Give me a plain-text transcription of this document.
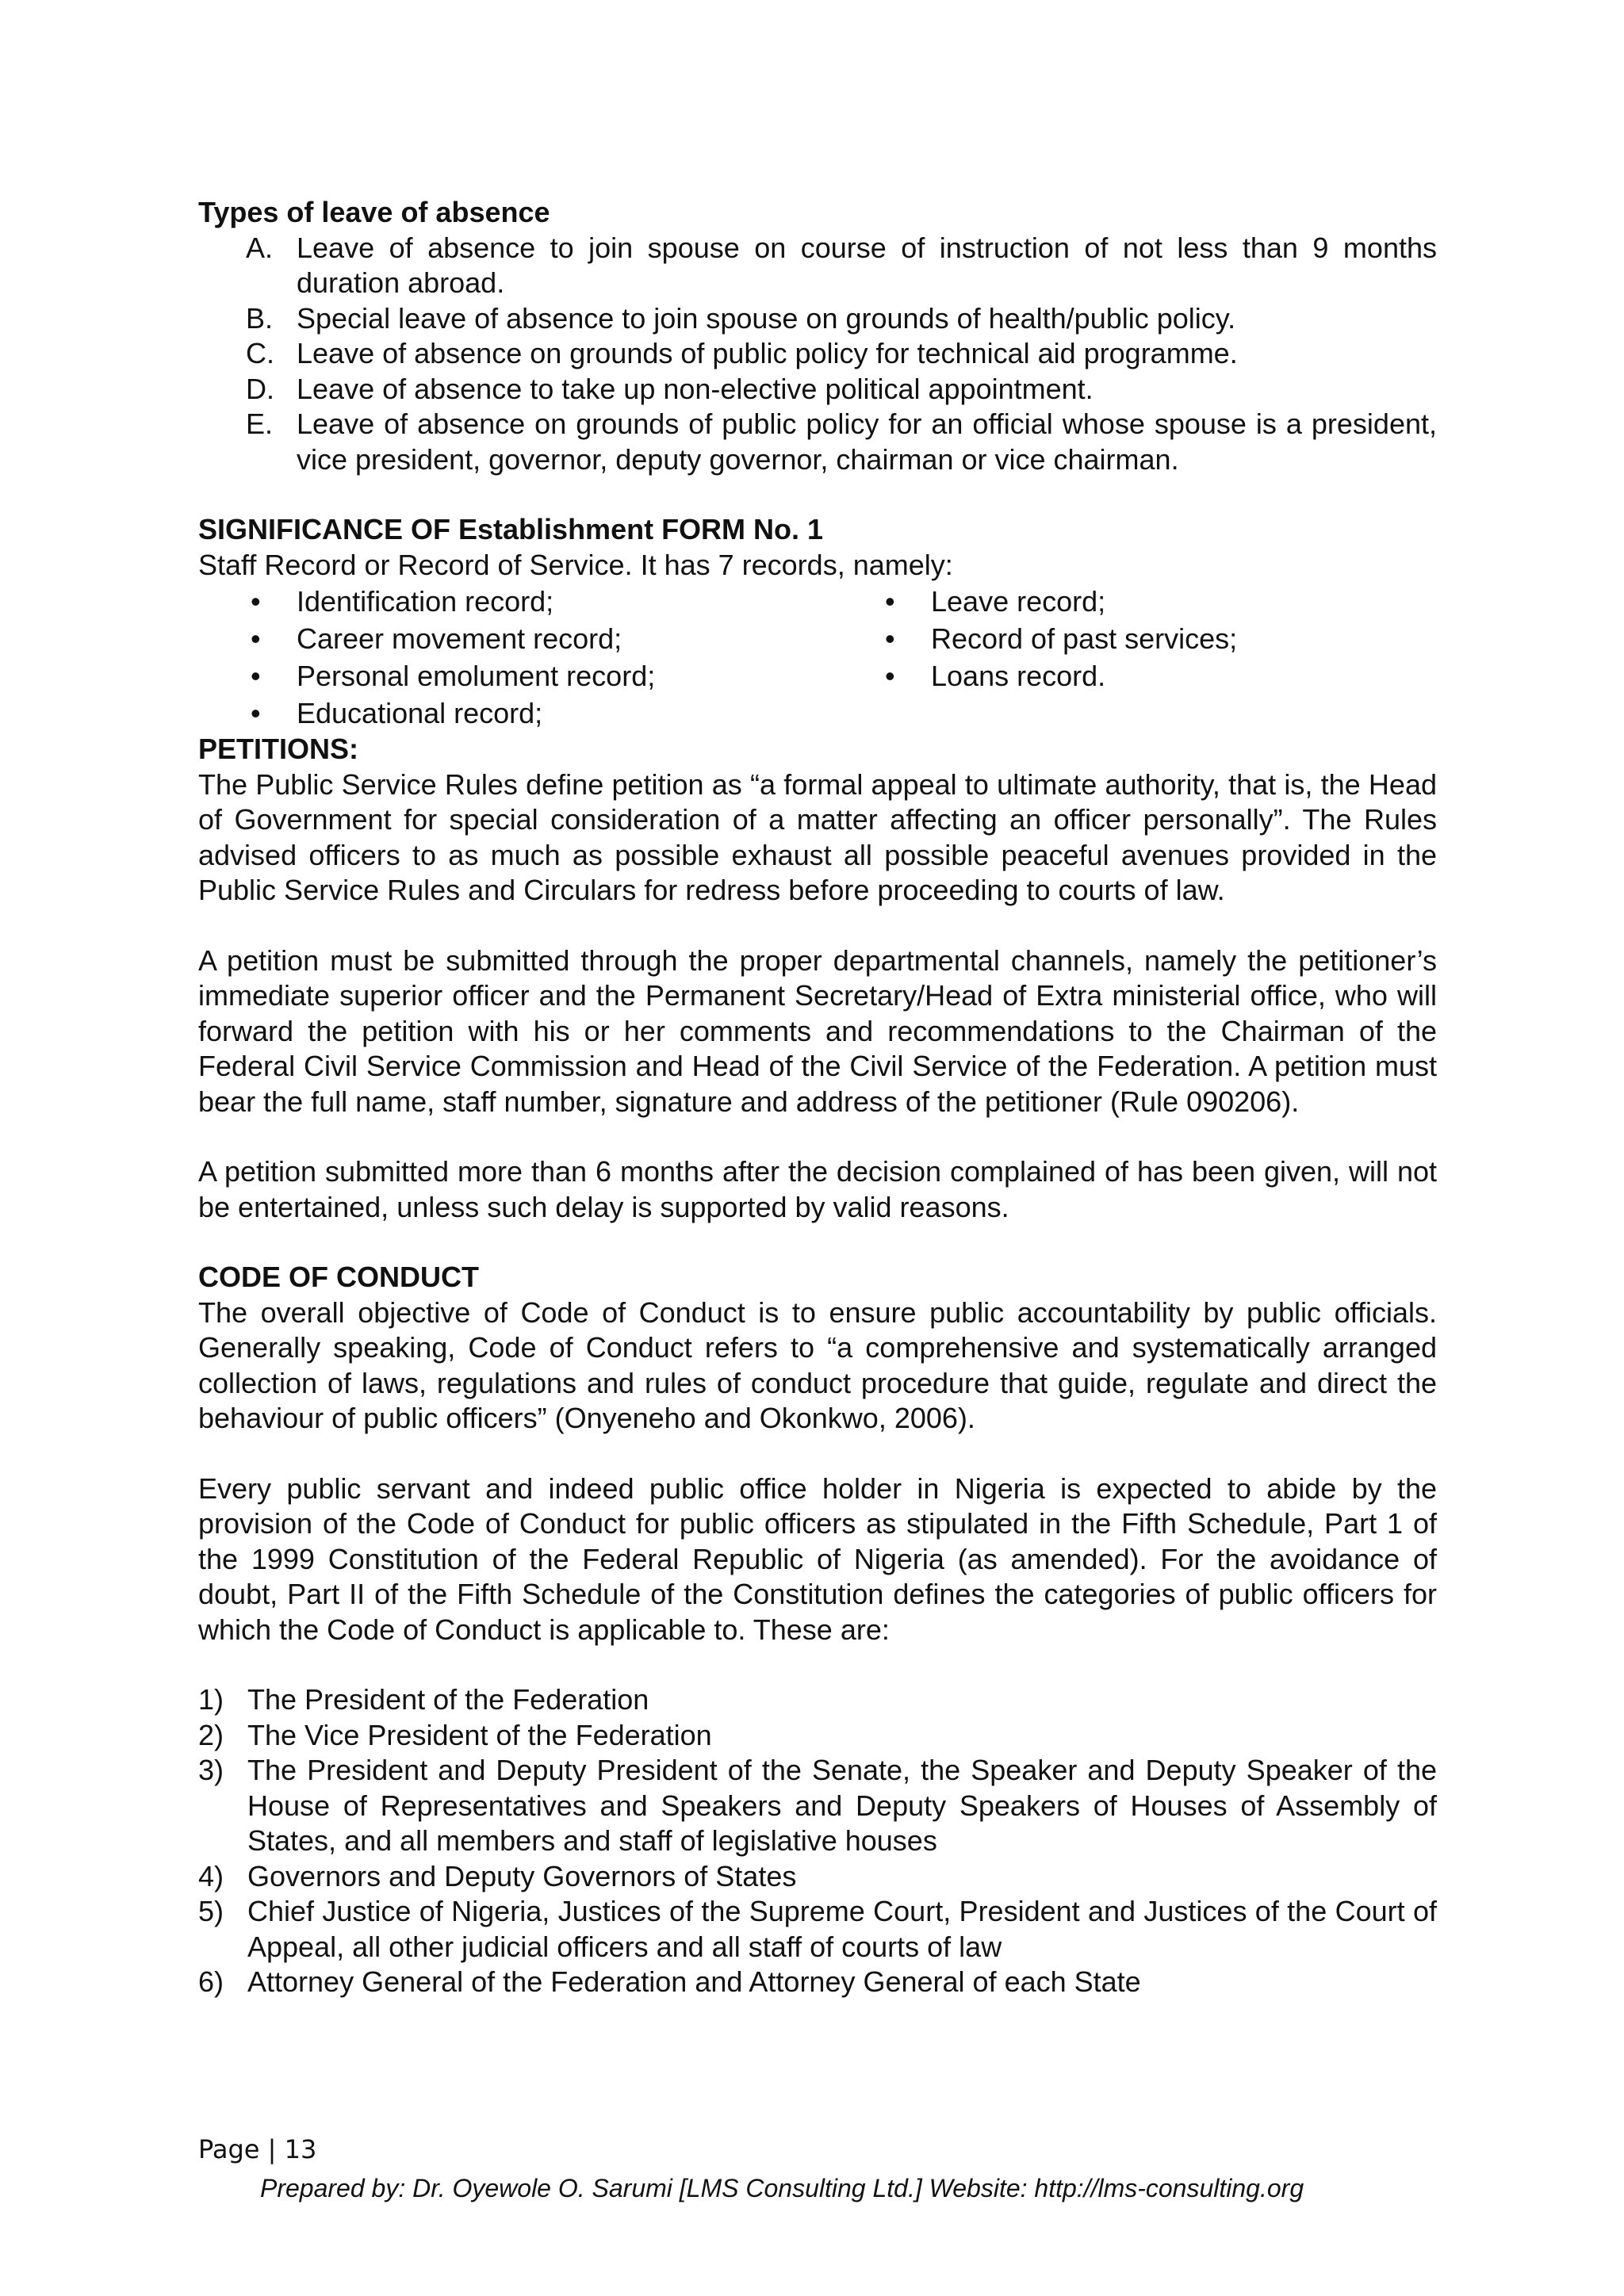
Types of leave of absence
A. Leave of absence to join spouse on course of instruction of not less than 9 months duration abroad.
B. Special leave of absence to join spouse on grounds of health/public policy.
C. Leave of absence on grounds of public policy for technical aid programme.
D. Leave of absence to take up non-elective political appointment.
E. Leave of absence on grounds of public policy for an official whose spouse is a president, vice president, governor, deputy governor, chairman or vice chairman.
SIGNIFICANCE OF Establishment FORM No. 1

Staff Record or Record of Service. It has 7 records, namely:

• Identification record;
• Career movement record;
• Personal emolument record;
• Educational record;
• Leave record;
• Record of past services;
• Loans record.
PETITIONS:

The Public Service Rules define petition as “a formal appeal to ultimate authority, that is, the Head of Government for special consideration of a matter affecting an officer personally”. The Rules advised officers to as much as possible exhaust all possible peaceful avenues provided in the Public Service Rules and Circulars for redress before proceeding to courts of law.

A petition must be submitted through the proper departmental channels, namely the petitioner’s immediate superior officer and the Permanent Secretary/Head of Extra ministerial office, who will forward the petition with his or her comments and recommendations to the Chairman of the Federal Civil Service Commission and Head of the Civil Service of the Federation. A petition must bear the full name, staff number, signature and address of the petitioner (Rule 090206).

A petition submitted more than 6 months after the decision complained of has been given, will not be entertained, unless such delay is supported by valid reasons.

CODE OF CONDUCT

The overall objective of Code of Conduct is to ensure public accountability by public officials. Generally speaking, Code of Conduct refers to “a comprehensive and systematically arranged collection of laws, regulations and rules of conduct procedure that guide, regulate and direct the behaviour of public officers” (Onyeneho and Okonkwo, 2006).

Every public servant and indeed public office holder in Nigeria is expected to abide by the provision of the Code of Conduct for public officers as stipulated in the Fifth Schedule, Part 1 of the 1999 Constitution of the Federal Republic of Nigeria (as amended). For the avoidance of doubt, Part II of the Fifth Schedule of the Constitution defines the categories of public officers for which the Code of Conduct is applicable to. These are:

1) The President of the Federation
2) The Vice President of the Federation
3) The President and Deputy President of the Senate, the Speaker and Deputy Speaker of the House of Representatives and Speakers and Deputy Speakers of Houses of Assembly of States, and all members and staff of legislative houses
4) Governors and Deputy Governors of States
5) Chief Justice of Nigeria, Justices of the Supreme Court, President and Justices of the Court of Appeal, all other judicial officers and all staff of courts of law
6) Attorney General of the Federation and Attorney General of each State
Page | 13
Prepared by: Dr. Oyewole O. Sarumi [LMS Consulting Ltd.] Website: http://lms-consulting.org
